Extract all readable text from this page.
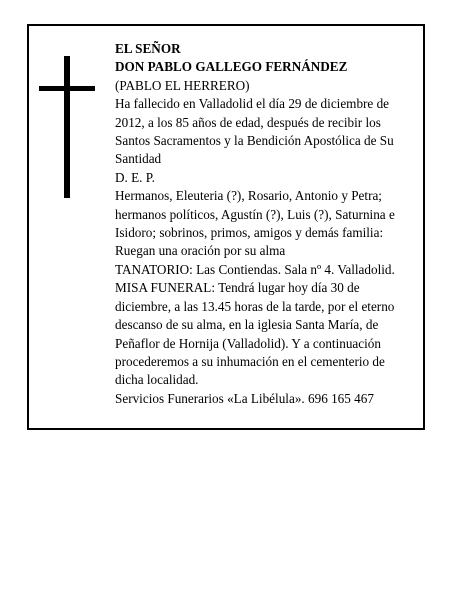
EL SEÑOR
DON PABLO GALLEGO FERNÁNDEZ
(PABLO EL HERRERO)
Ha fallecido en Valladolid el día 29 de diciembre de 2012, a los 85 años de edad, después de recibir los Santos Sacramentos y la Bendición Apostólica de Su Santidad
D. E. P.
Hermanos, Eleuteria (?), Rosario, Antonio y Petra; hermanos políticos, Agustín (?), Luis (?), Saturnina e Isidoro; sobrinos, primos, amigos y demás familia:
Ruegan una oración por su alma
TANATORIO: Las Contiendas. Sala nº 4. Valladolid.
MISA FUNERAL: Tendrá lugar hoy día 30 de diciembre, a las 13.45 horas de la tarde, por el eterno descanso de su alma, en la iglesia Santa María, de Peñaflor de Hornija (Valladolid). Y a continuación procederemos a su inhumación en el cementerio de dicha localidad.
Servicios Funerarios «La Libélula». 696 165 467
